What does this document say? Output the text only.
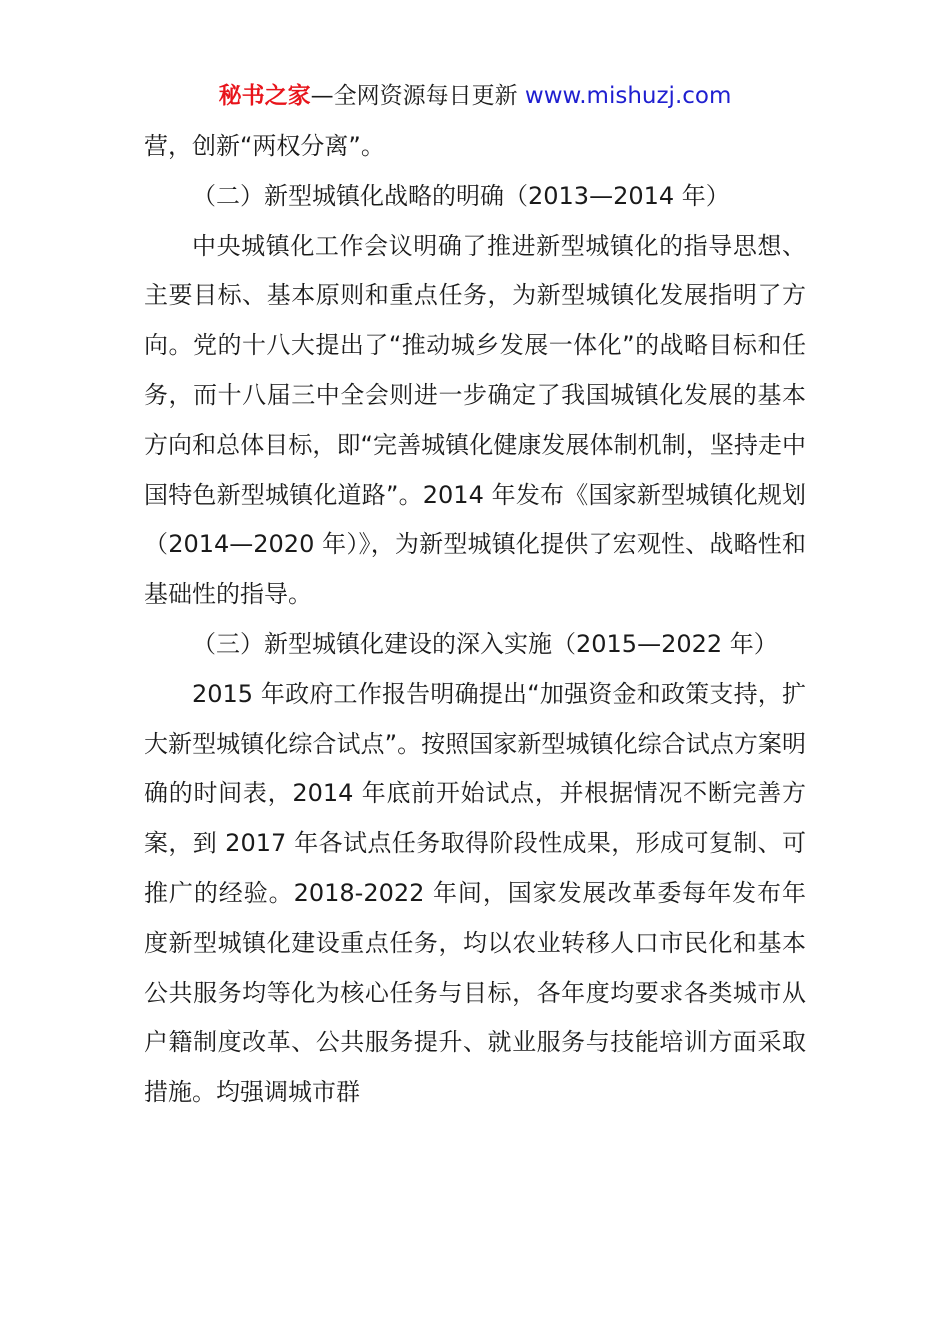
秘书之家—全网资源每日更新 www.mishuzj.com

营，创新“两权分离”。

（二）新型城镇化战略的明确（2013—2014 年）

中央城镇化工作会议明确了推进新型城镇化的指导思想、主要目标、基本原则和重点任务，为新型城镇化发展指明了方向。党的十八大提出了“推动城乡发展一体化”的战略目标和任务，而十八届三中全会则进一步确定了我国城镇化发展的基本方向和总体目标，即“完善城镇化健康发展体制机制，坚持走中国特色新型城镇化道路”。2014 年发布《国家新型城镇化规划（2014—2020 年）》，为新型城镇化提供了宏观性、战略性和基础性的指导。

（三）新型城镇化建设的深入实施（2015—2022 年）

2015 年政府工作报告明确提出“加强资金和政策支持，扩大新型城镇化综合试点”。按照国家新型城镇化综合试点方案明确的时间表，2014 年底前开始试点，并根据情况不断完善方案，到 2017 年各试点任务取得阶段性成果，形成可复制、可推广的经验。2018-2022 年间，国家发展改革委每年发布年度新型城镇化建设重点任务，均以农业转移人口市民化和基本公共服务均等化为核心任务与目标，各年度均要求各类城市从户籍制度改革、公共服务提升、就业服务与技能培训方面采取措施。均强调城市群
